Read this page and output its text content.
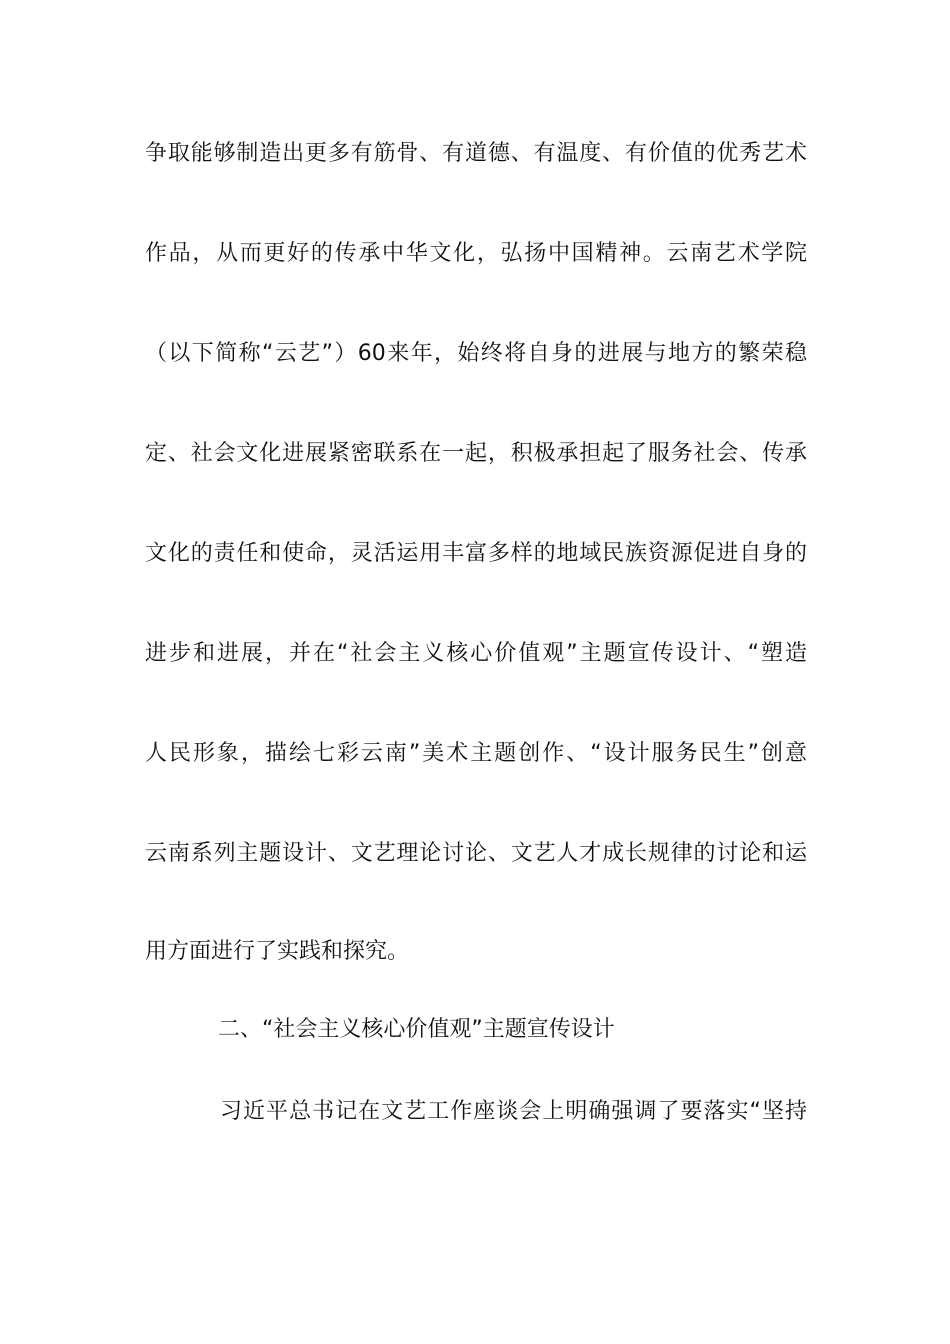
争取能够制造出更多有筋骨、有道德、有温度、有价值的优秀艺术
作品，从而更好的传承中华文化，弘扬中国精神。云南艺术学院
（以下简称“云艺”）60来年，始终将自身的进展与地方的繁荣稳
定、社会文化进展紧密联系在一起，积极承担起了服务社会、传承
文化的责任和使命，灵活运用丰富多样的地域民族资源促进自身的
进步和进展，并在“社会主义核心价值观”主题宣传设计、“塑造
人民形象，描绘七彩云南”美术主题创作、“设计服务民生”创意
云南系列主题设计、文艺理论讨论、文艺人才成长规律的讨论和运
用方面进行了实践和探究。
二、“社会主义核心价值观”主题宣传设计
习近平总书记在文艺工作座谈会上明确强调了要落实“坚持
